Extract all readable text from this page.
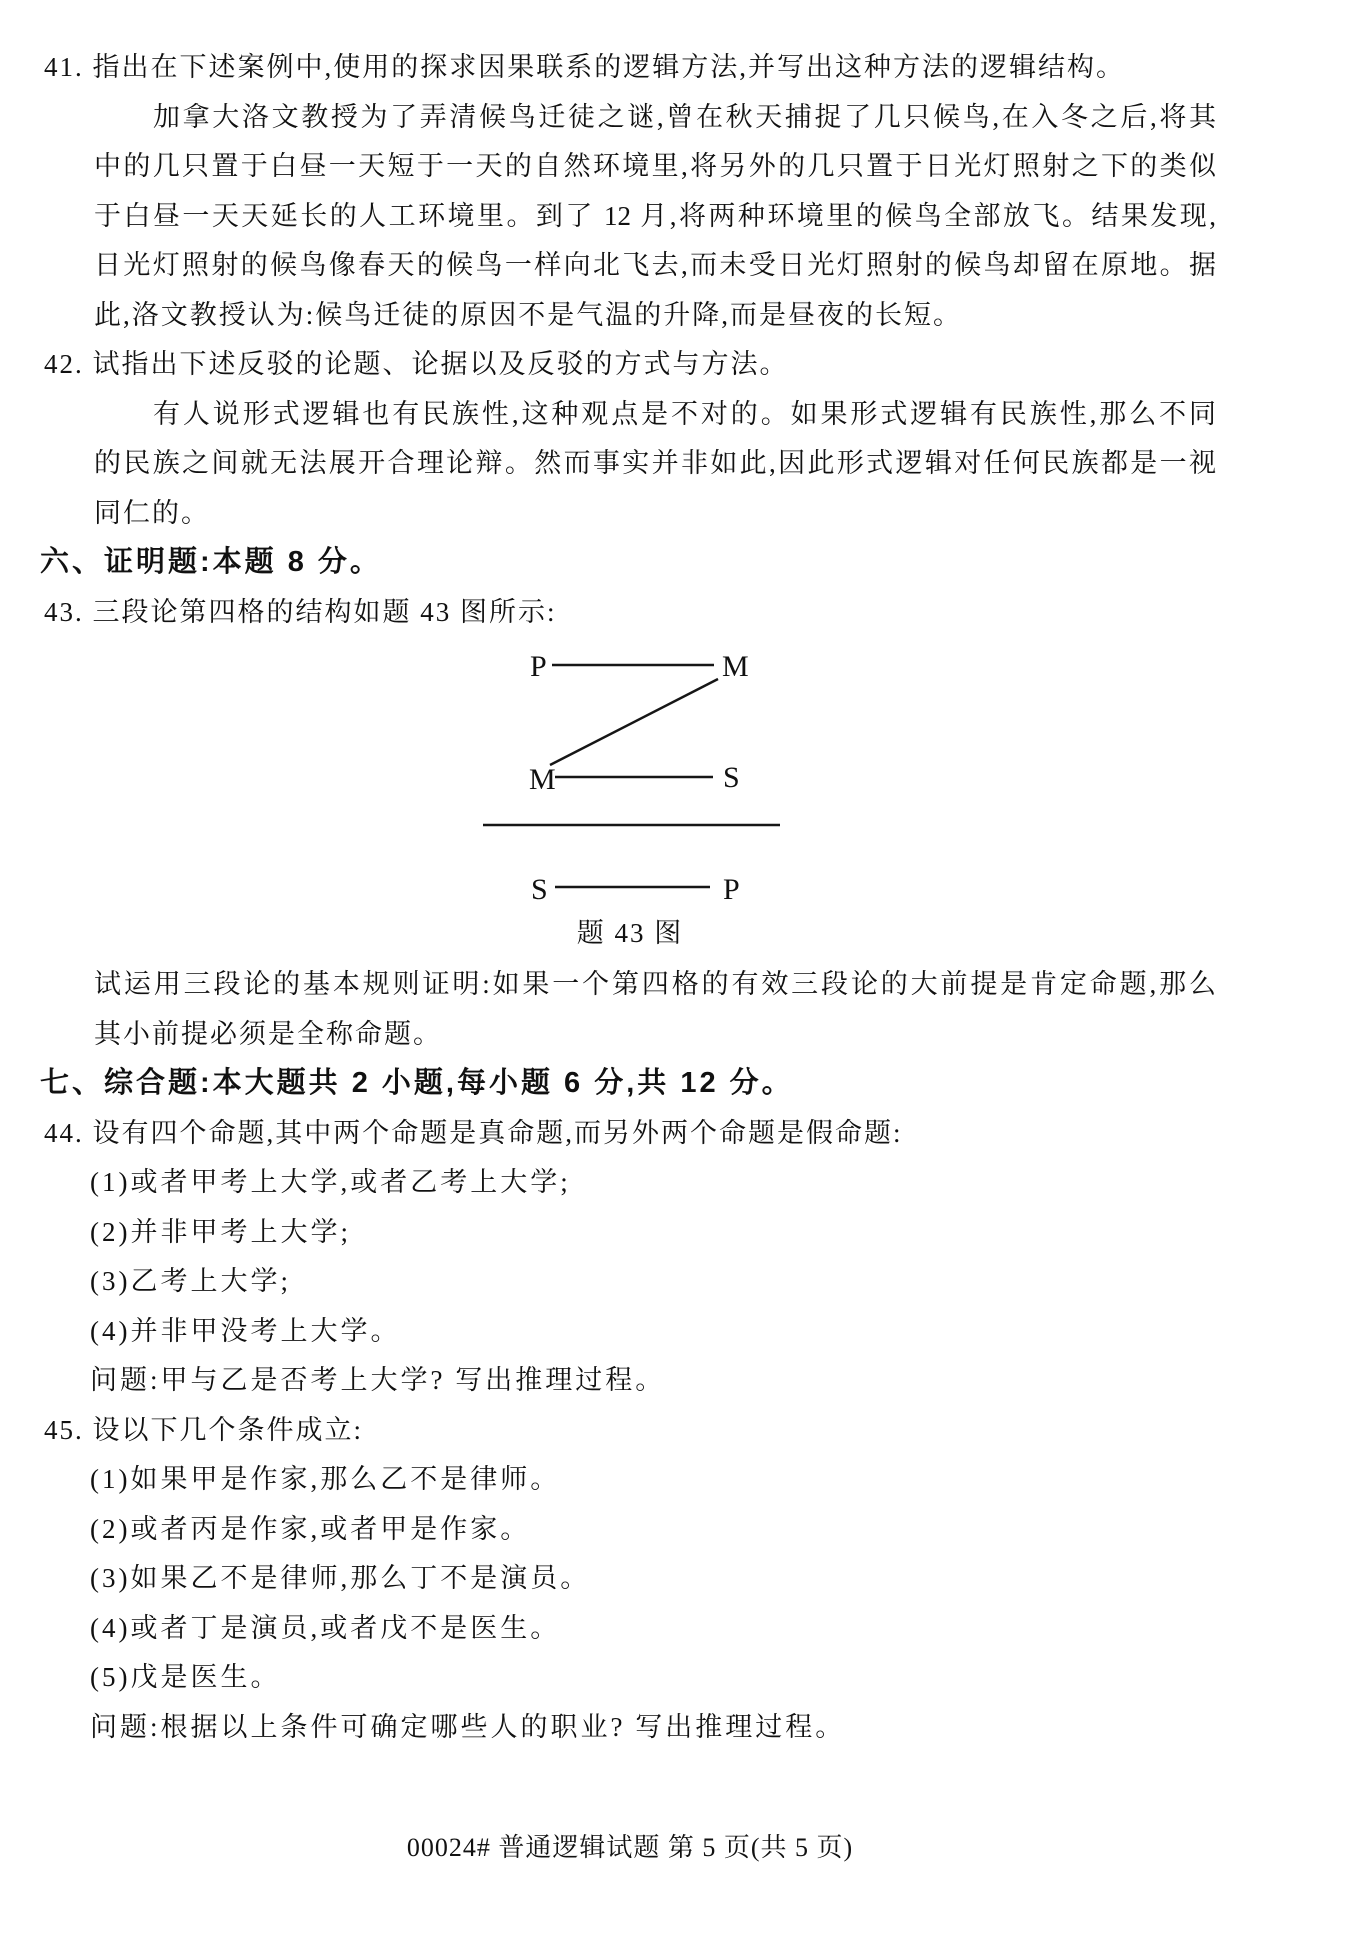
41. 指出在下述案例中,使用的探求因果联系的逻辑方法,并写出这种方法的逻辑结构。
加拿大洛文教授为了弄清候鸟迁徒之谜,曾在秋天捕捉了几只候鸟,在入冬之后,将其
中的几只置于白昼一天短于一天的自然环境里,将另外的几只置于日光灯照射之下的类似
于白昼一天天延长的人工环境里。到了 12 月,将两种环境里的候鸟全部放飞。结果发现,
日光灯照射的候鸟像春天的候鸟一样向北飞去,而未受日光灯照射的候鸟却留在原地。据
此,洛文教授认为:候鸟迁徒的原因不是气温的升降,而是昼夜的长短。
42. 试指出下述反驳的论题、论据以及反驳的方式与方法。
有人说形式逻辑也有民族性,这种观点是不对的。如果形式逻辑有民族性,那么不同
的民族之间就无法展开合理论辩。然而事实并非如此,因此形式逻辑对任何民族都是一视
同仁的。
六、证明题:本题 8 分。
43. 三段论第四格的结构如题 43 图所示:
P	M
M	S
S	P
题 43 图
试运用三段论的基本规则证明:如果一个第四格的有效三段论的大前提是肯定命题,那么
其小前提必须是全称命题。
七、综合题:本大题共 2 小题,每小题 6 分,共 12 分。
44. 设有四个命题,其中两个命题是真命题,而另外两个命题是假命题:
(1)或者甲考上大学,或者乙考上大学;
(2)并非甲考上大学;
(3)乙考上大学;
(4)并非甲没考上大学。
问题:甲与乙是否考上大学? 写出推理过程。
45. 设以下几个条件成立:
(1)如果甲是作家,那么乙不是律师。
(2)或者丙是作家,或者甲是作家。
(3)如果乙不是律师,那么丁不是演员。
(4)或者丁是演员,或者戊不是医生。
(5)戊是医生。
问题:根据以上条件可确定哪些人的职业? 写出推理过程。
00024# 普通逻辑试题 第 5 页(共 5 页)
